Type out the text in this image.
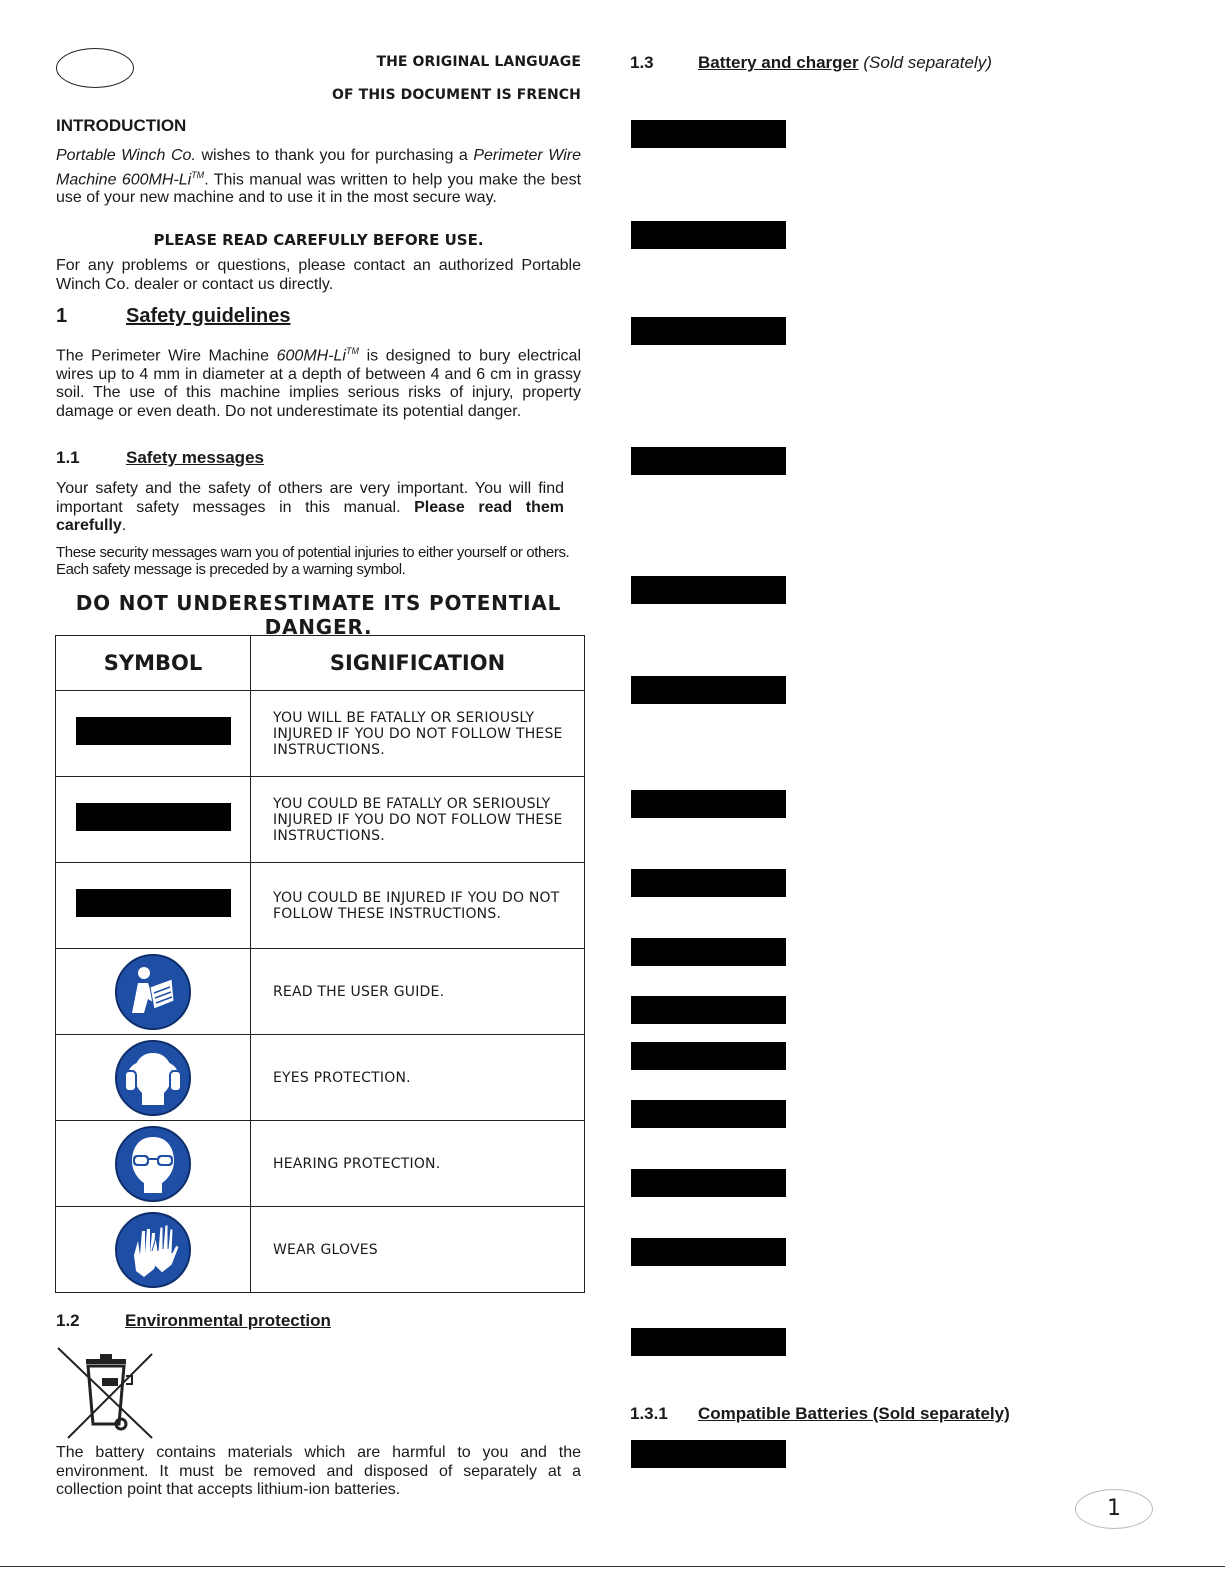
THE ORIGINAL LANGUAGE
OF THIS DOCUMENT IS FRENCH
INTRODUCTION
Portable Winch Co. wishes to thank you for purchasing a Perimeter Wire Machine 600MH-Li™. This manual was written to help you make the best use of your new machine and to use it in the most secure way.
PLEASE READ CAREFULLY BEFORE USE.
For any problems or questions, please contact an authorized Portable Winch Co. dealer or contact us directly.
1	Safety guidelines
The Perimeter Wire Machine 600MH-Li™ is designed to bury electrical wires up to 4 mm in diameter at a depth of between 4 and 6 cm in grassy soil. The use of this machine implies serious risks of injury, property damage or even death. Do not underestimate its potential danger.
1.1	Safety messages
Your safety and the safety of others are very important. You will find important safety messages in this manual. Please read them carefully.
These security messages warn you of potential injuries to either yourself or others. Each safety message is preceded by a warning symbol.
DO NOT UNDERESTIMATE ITS POTENTIAL DANGER.
SYMBOL	SIGNIFICATION
	YOU WILL BE FATALLY OR SERIOUSLY INJURED IF YOU DO NOT FOLLOW THESE INSTRUCTIONS.
	YOU COULD BE FATALLY OR SERIOUSLY INJURED IF YOU DO NOT FOLLOW THESE INSTRUCTIONS.
	YOU COULD BE INJURED IF YOU DO NOT FOLLOW THESE INSTRUCTIONS.

	READ THE USER GUIDE.

	EYES PROTECTION.

	HEARING PROTECTION.

	WEAR GLOVES
1.2	Environmental protection
The battery contains materials which are harmful to you and the environment. It must be removed and disposed of separately at a collection point that accepts lithium-ion batteries.
1.3	Battery and charger (Sold separately)
1.3.1 Compatible Batteries (Sold separately)
1
